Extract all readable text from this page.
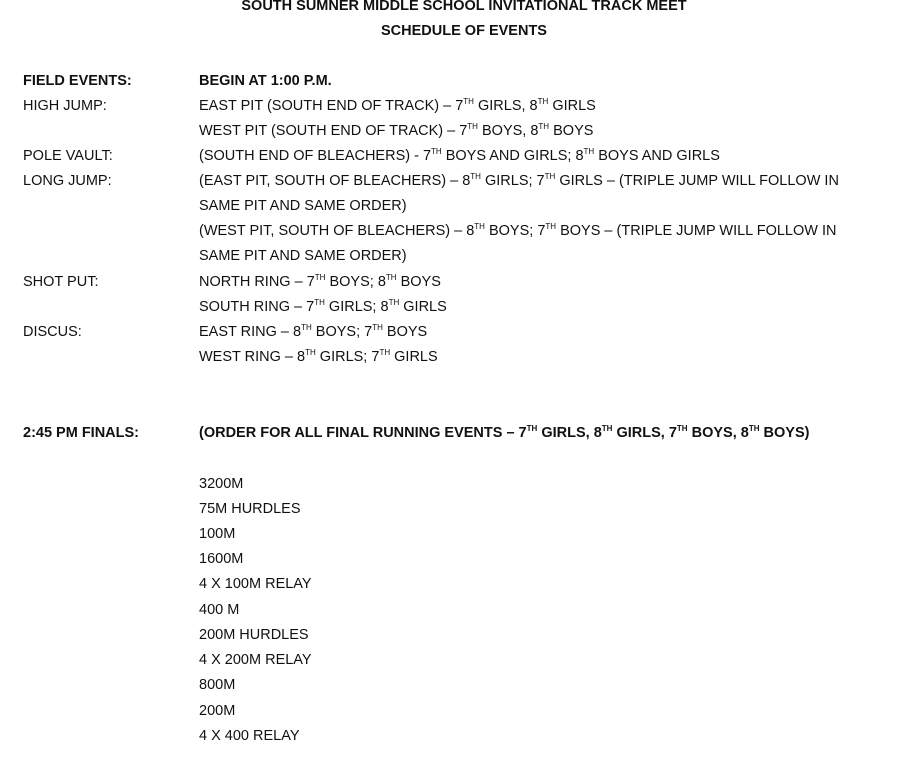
SOUTH SUMNER MIDDLE SCHOOL INVITATIONAL TRACK MEET
SCHEDULE OF EVENTS
FIELD EVENTS:	BEGIN AT 1:00 P.M.
HIGH JUMP:	EAST PIT (SOUTH END OF TRACK) – 7TH GIRLS, 8TH GIRLS
WEST PIT (SOUTH END OF TRACK) – 7TH BOYS, 8TH BOYS
POLE VAULT:	(SOUTH END OF BLEACHERS) - 7TH BOYS AND GIRLS; 8TH BOYS AND GIRLS
LONG JUMP:	(EAST PIT, SOUTH OF BLEACHERS) – 8TH GIRLS; 7TH GIRLS – (TRIPLE JUMP WILL FOLLOW IN
SAME PIT AND SAME ORDER)
(WEST PIT, SOUTH OF BLEACHERS) – 8TH BOYS; 7TH BOYS – (TRIPLE JUMP WILL FOLLOW IN
SAME PIT AND SAME ORDER)
SHOT PUT:	NORTH RING – 7TH BOYS; 8TH BOYS
SOUTH RING – 7TH GIRLS; 8TH GIRLS
DISCUS:	EAST RING – 8TH BOYS; 7TH BOYS
WEST RING – 8TH GIRLS; 7TH GIRLS
2:45 PM FINALS:	(ORDER FOR ALL FINAL RUNNING EVENTS – 7TH GIRLS, 8TH GIRLS, 7TH BOYS, 8TH BOYS)
3200M
75M HURDLES
100M
1600M
4 X 100M RELAY
400 M
200M HURDLES
4 X 200M RELAY
800M
200M
4 X 400 RELAY
